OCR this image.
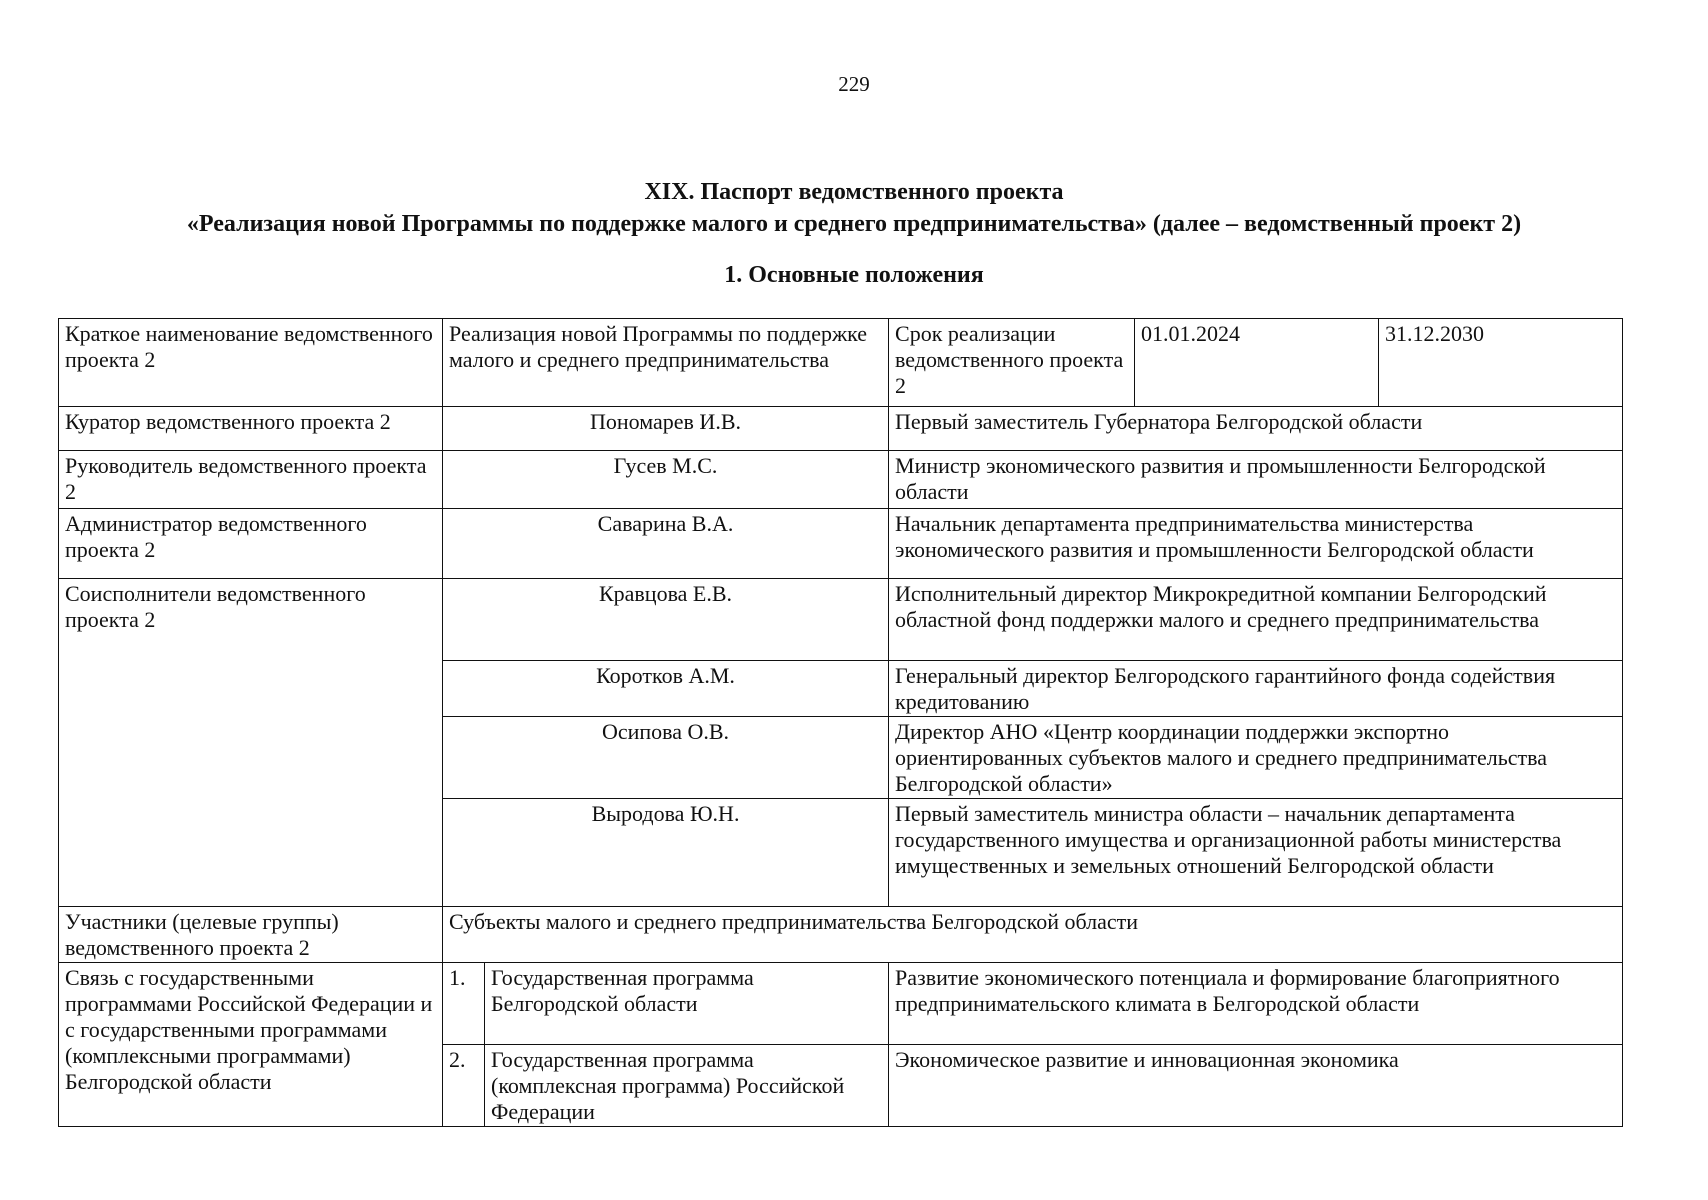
229
XIX. Паспорт ведомственного проекта
«Реализация новой Программы по поддержке малого и среднего предпринимательства» (далее – ведомственный проект 2)
1. Основные положения
Краткое наименование ведомственного проекта 2	Реализация новой Программы по поддержке малого и среднего предпринимательства		Срок реализации ведомственного проекта 2	01.01.2024	31.12.2030
Куратор ведомственного проекта 2	Пономарев И.В.		Первый заместитель Губернатора Белгородской области		
Руководитель ведомственного проекта 2	Гусев М.С.		Министр экономического развития и промышленности Белгородской области		
Администратор ведомственного проекта 2	Саварина В.А.		Начальник департамента предпринимательства министерства экономического развития и промышленности Белгородской области		
Соисполнители ведомственного проекта 2	Кравцова Е.В.		Исполнительный директор Микрокредитной компании Белгородский областной фонд поддержки малого и среднего предпринимательства		
	Коротков А.М.		Генеральный директор Белгородского гарантийного фонда содействия кредитованию		
	Осипова О.В.		Директор АНО «Центр координации поддержки экспортно ориентированных субъектов малого и среднего предпринимательства Белгородской области»		
	Выродова Ю.Н.		Первый заместитель министра области – начальник департамента государственного имущества и организационной работы министерства имущественных и земельных отношений Белгородской области		
Участники (целевые группы) ведомственного проекта 2	Субъекты малого и среднего предпринимательства Белгородской области				
Связь с государственными программами Российской Федерации и с государственными программами (комплексными программами) Белгородской области	1.	Государственная программа Белгородской области	Развитие экономического потенциала и формирование благоприятного предпринимательского климата в Белгородской области		
	2.	Государственная программа (комплексная программа) Российской Федерации	Экономическое развитие и инновационная экономика		
